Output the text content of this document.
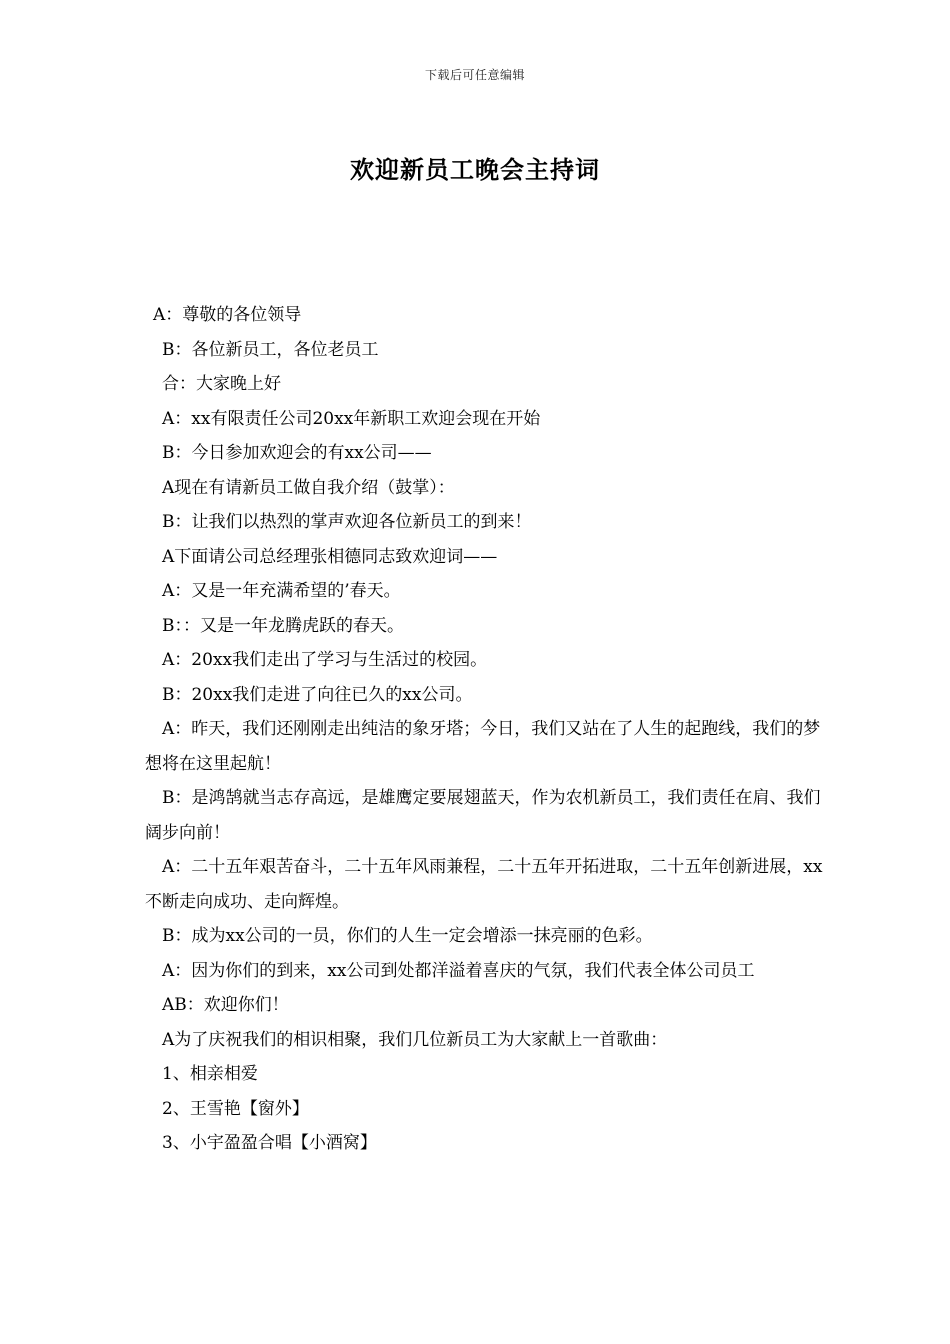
下载后可任意编辑
欢迎新员工晚会主持词

A：尊敬的各位领导

B：各位新员工，各位老员工

合：大家晚上好

A：xx有限责任公司20xx年新职工欢迎会现在开始

B：今日参加欢迎会的有xx公司——

A现在有请新员工做自我介绍（鼓掌）：

B：让我们以热烈的掌声欢迎各位新员工的到来！

A下面请公司总经理张相德同志致欢迎词——

A：又是一年充满希望的’春天。

B：：又是一年龙腾虎跃的春天。

A：20xx我们走出了学习与生活过的校园。

B：20xx我们走进了向往已久的xx公司。

A：昨天，我们还刚刚走出纯洁的象牙塔；今日，我们又站在了人生的起跑线，我们的梦想将在这里起航！

B：是鸿鹄就当志存高远，是雄鹰定要展翅蓝天，作为农机新员工，我们责任在肩、我们阔步向前！

A：二十五年艰苦奋斗，二十五年风雨兼程，二十五年开拓进取，二十五年创新进展，xx不断走向成功、走向辉煌。

B：成为xx公司的一员，你们的人生一定会增添一抹亮丽的色彩。

A：因为你们的到来，xx公司到处都洋溢着喜庆的气氛，我们代表全体公司员工

AB：欢迎你们！

A为了庆祝我们的相识相聚，我们几位新员工为大家献上一首歌曲：

1、相亲相爱

2、王雪艳【窗外】

3、小宇盈盈合唱【小酒窝】
